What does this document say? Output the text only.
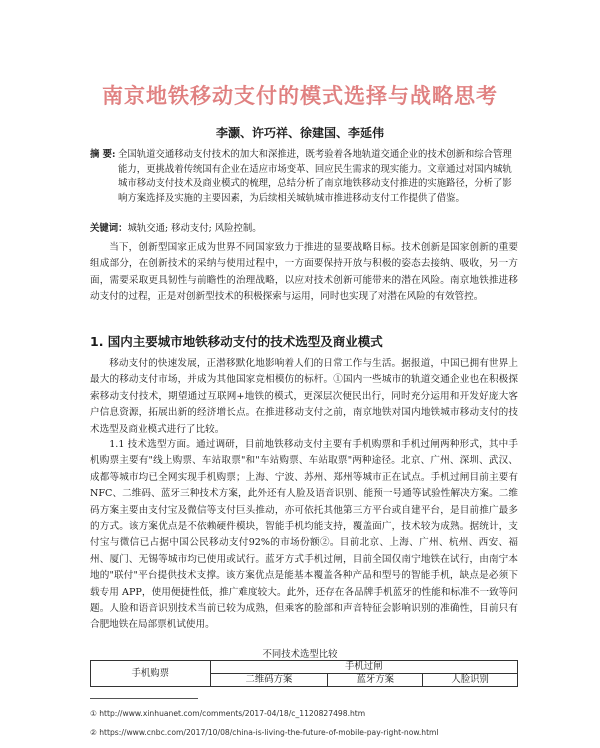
南京地铁移动支付的模式选择与战略思考
李灏、许巧祥、徐建国、李延伟
摘 要: 全国轨道交通移动支付技术的加大和深推进，既考验着各地轨道交通企业的技术创新和综合管理能力，更挑战着传统国有企业在适应市场变革、回应民生需求的现实能力。文章通过对国内城轨城市移动支付技术及商业模式的梳理，总结分析了南京地铁移动支付推进的实施路径，分析了影响方案选择及实施的主要因素，为后续相关城轨城市推进移动支付工作提供了借鉴。
关键词：城轨交通; 移动支付; 风险控制。
当下，创新型国家正成为世界不同国家致力于推进的显要战略目标。技术创新是国家创新的重要组成部分，在创新技术的采纳与使用过程中，一方面要保持开放与积极的姿态去接纳、吸收，另一方面，需要采取更具韧性与前瞻性的治理战略，以应对技术创新可能带来的潜在风险。南京地铁推进移动支付的过程，正是对创新型技术的积极探索与运用，同时也实现了对潜在风险的有效管控。
1. 国内主要城市地铁移动支付的技术选型及商业模式
移动支付的快速发展，正潜移默化地影响着人们的日常工作与生活。据报道，中国已拥有世界上最大的移动支付市场，并成为其他国家竞相模仿的标杆。①国内一些城市的轨道交通企业也在积极探索移动支付技术，期望通过互联网+地铁的模式，更深层次便民出行，同时充分运用和开发好庞大客户信息资源，拓展出新的经济增长点。在推进移动支付之前，南京地铁对国内地铁城市移动支付的技术选型及商业模式进行了比较。
1.1 技术选型方面。通过调研，目前地铁移动支付主要有手机购票和手机过闸两种形式，其中手机购票主要有"线上购票、车站取票"和"车站购票、车站取票"两种途径。北京、广州、深圳、武汉、成都等城市均已全网实现手机购票；上海、宁波、苏州、郑州等城市正在试点。手机过闸目前主要有 NFC、二维码、蓝牙三种技术方案，此外还有人脸及语音识别、能预一号通等试验性解决方案。二维码方案主要由支付宝及微信等支付巨头推动，亦可依托其他第三方平台或自建平台，是目前推广最多的方式。该方案优点是不依赖硬件模块，智能手机均能支持，覆盖面广，技术较为成熟。据统计，支付宝与微信已占据中国公民移动支付92%的市场份额②。目前北京、上海、广州、杭州、西安、福州、厦门、无锡等城市均已使用或试行。蓝牙方式手机过闸，目前全国仅南宁地铁在试行，由南宁本地的"联付"平台提供技术支撑。该方案优点是能基本覆盖各种产品和型号的智能手机，缺点是必须下载专用 APP，使用便捷性低，推广难度较大。此外，还存在各品牌手机蓝牙的性能和标准不一致等问题。人脸和语音识别技术当前已较为成熟，但乘客的脸部和声音特征会影响识别的准确性，目前只有合肥地铁在局部票机试使用。
不同技术选型比较
手机购票	手机过闸		
	二维码方案	蓝牙方案	人脸识别
① http://www.xinhuanet.com/comments/2017-04/18/c_1120827498.htm
② https://www.cnbc.com/2017/10/08/china-is-living-the-future-of-mobile-pay-right-now.html
